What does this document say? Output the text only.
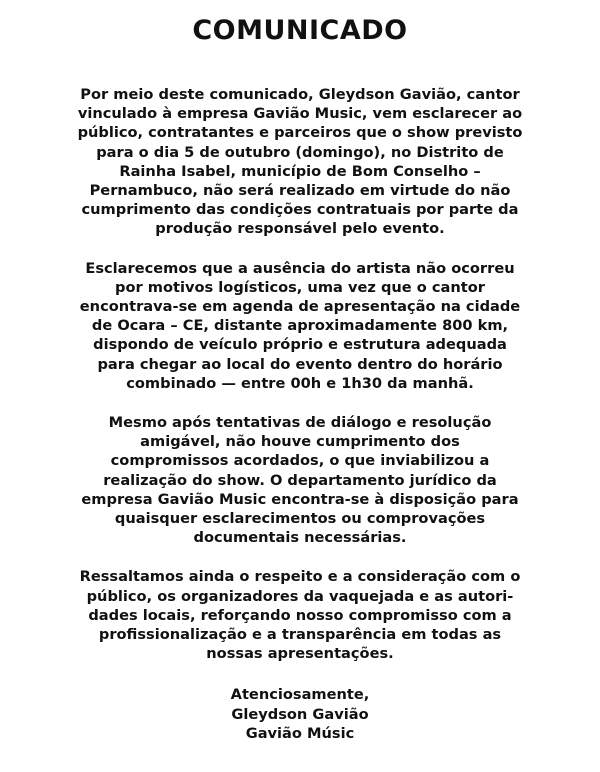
COMUNICADO
Por meio deste comunicado, Gleydson Gavião, cantor
vinculado à empresa Gavião Music, vem esclarecer ao
público, contratantes e parceiros que o show previsto
para o dia 5 de outubro (domingo), no Distrito de
Rainha Isabel, município de Bom Conselho –
Pernambuco, não será realizado em virtude do não
cumprimento das condições contratuais por parte da
produção responsável pelo evento.
Esclarecemos que a ausência do artista não ocorreu
por motivos logísticos, uma vez que o cantor
encontrava-se em agenda de apresentação na cidade
de Ocara – CE, distante aproximadamente 800 km,
dispondo de veículo próprio e estrutura adequada
para chegar ao local do evento dentro do horário
combinado — entre 00h e 1h30 da manhã.
Mesmo após tentativas de diálogo e resolução
amigável, não houve cumprimento dos
compromissos acordados, o que inviabilizou a
realização do show. O departamento jurídico da
empresa Gavião Music encontra-se à disposição para
quaisquer esclarecimentos ou comprovações
documentais necessárias.
Ressaltamos ainda o respeito e a consideração com o
público, os organizadores da vaquejada e as autori-
dades locais, reforçando nosso compromisso com a
profissionalização e a transparência em todas as
nossas apresentações.
Atenciosamente,
Gleydson Gavião
Gavião Músic
